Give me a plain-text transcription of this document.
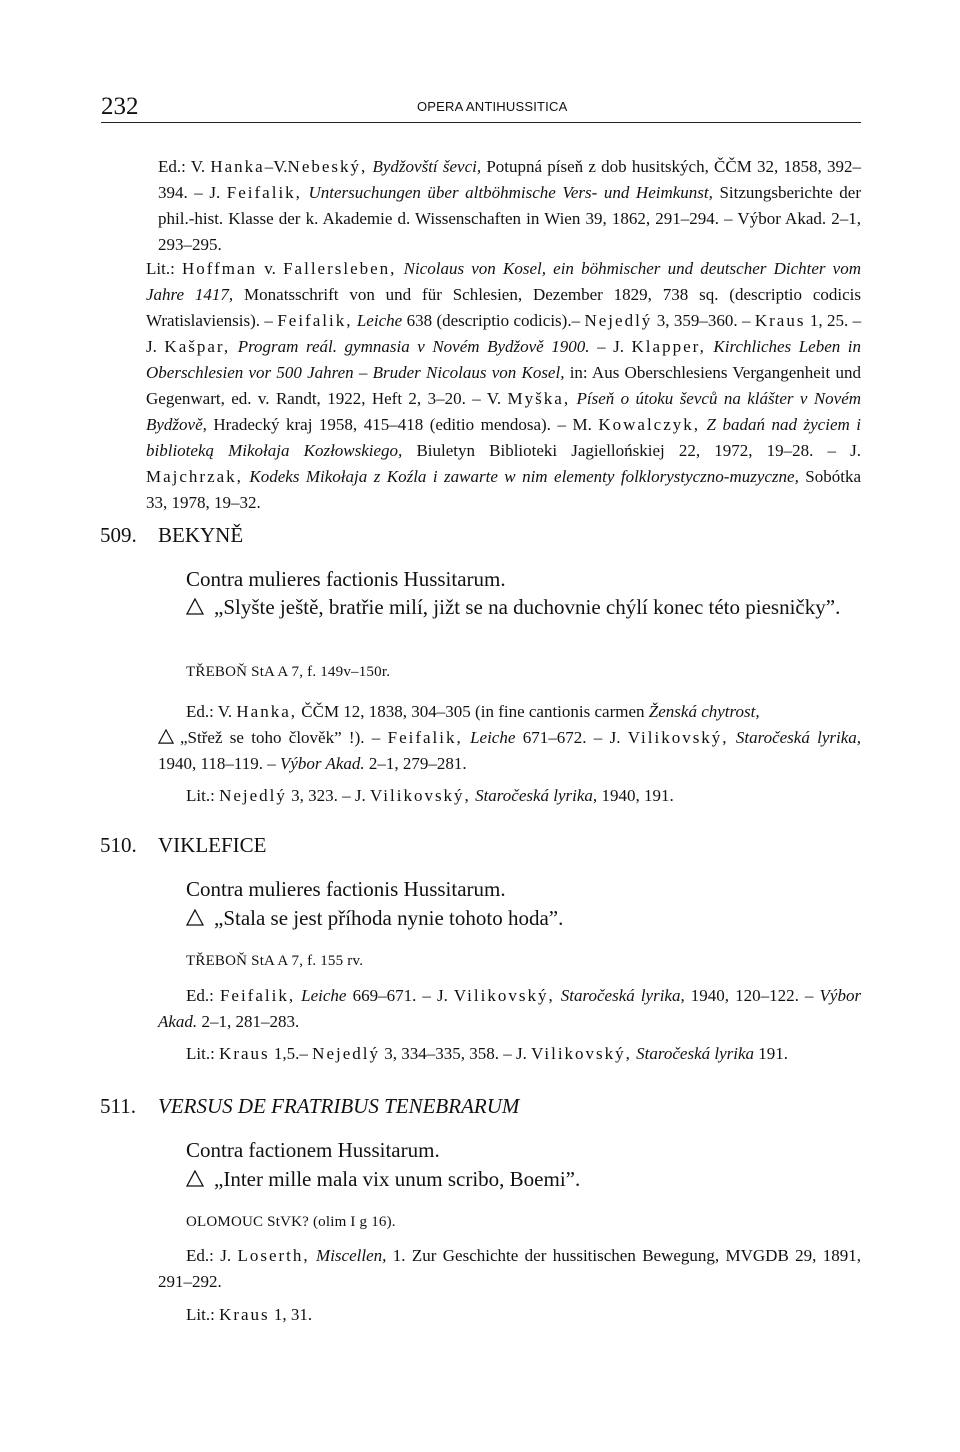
232	OPERA ANTIHUSSITICA

Ed.: V. Hanka–V.Nebeský, Bydžovští ševci, Potupná píseň z dob husitských, ČČM 32, 1858, 392–394. – J. Feifalik, Untersuchungen über altböhmische Vers- und Heimkunst, Sitzungsberichte der phil.-hist. Klasse der k. Akademie d. Wissenschaften in Wien 39, 1862, 291–294. – Výbor Akad. 2–1, 293–295.

Lit.: Hoffman v. Fallersleben, Nicolaus von Kosel, ein böhmischer und deutscher Dichter vom Jahre 1417, Monatsschrift von und für Schlesien, Dezember 1829, 738 sq. (descriptio codicis Wratislaviensis). – Feifalik, Leiche 638 (descriptio codicis).– Nejedlý 3, 359–360. – Kraus 1, 25. – J. Kašpar, Program reál. gymnasia v Novém Bydžově 1900. – J. Klapper, Kirchliches Leben in Oberschlesien vor 500 Jahren – Bruder Nicolaus von Kosel, in: Aus Oberschlesiens Vergangenheit und Gegenwart, ed. v. Randt, 1922, Heft 2, 3–20. – V. Myška, Píseň o útoku ševců na klášter v Novém Bydžově, Hradecký kraj 1958, 415–418 (editio mendosa). – M. Kowalczyk, Z badań nad życiem i biblioteką Mikołaja Kozłowskiego, Biuletyn Biblioteki Jagiellońskiej 22, 1972, 19–28. – J. Majchrzak, Kodeks Mikołaja z Koźla i zawarte w nim elementy folklorystyczno-muzyczne, Sobótka 33, 1978, 19–32.

509. BEKYNĚ

Contra mulieres factionis Hussitarum.

„Slyšte ještě, bratřie milí, jižt se na duchovnie chýlí konec této piesničky”.

TŘEBOŇ StA A 7, f. 149v–150r.

Ed.: V. Hanka, ČČM 12, 1838, 304–305 (in fine cantionis carmen Ženská chytrost,
„Střež se toho člověk” !). – Feifalik, Leiche 671–672. – J. Vilikovský, Staročeská lyrika, 1940, 118–119. – Výbor Akad. 2–1, 279–281.

Lit.: Nejedlý 3, 323. – J. Vilikovský, Staročeská lyrika, 1940, 191.

510. VIKLEFICE

Contra mulieres factionis Hussitarum.

„Stala se jest příhoda nynie tohoto hoda”.

TŘEBOŇ StA A 7, f. 155 rv.

Ed.: Feifalik, Leiche 669–671. – J. Vilikovský, Staročeská lyrika, 1940, 120–122. – Výbor Akad. 2–1, 281–283.

Lit.: Kraus 1,5.– Nejedlý 3, 334–335, 358. – J. Vilikovský, Staročeská lyrika 191.

511. VERSUS DE FRATRIBUS TENEBRARUM

Contra factionem Hussitarum.

„Inter mille mala vix unum scribo, Boemi”.

OLOMOUC StVK? (olim I g 16).

Ed.: J. Loserth, Miscellen, 1. Zur Geschichte der hussitischen Bewegung, MVGDB 29, 1891, 291–292.

Lit.: Kraus 1, 31.
